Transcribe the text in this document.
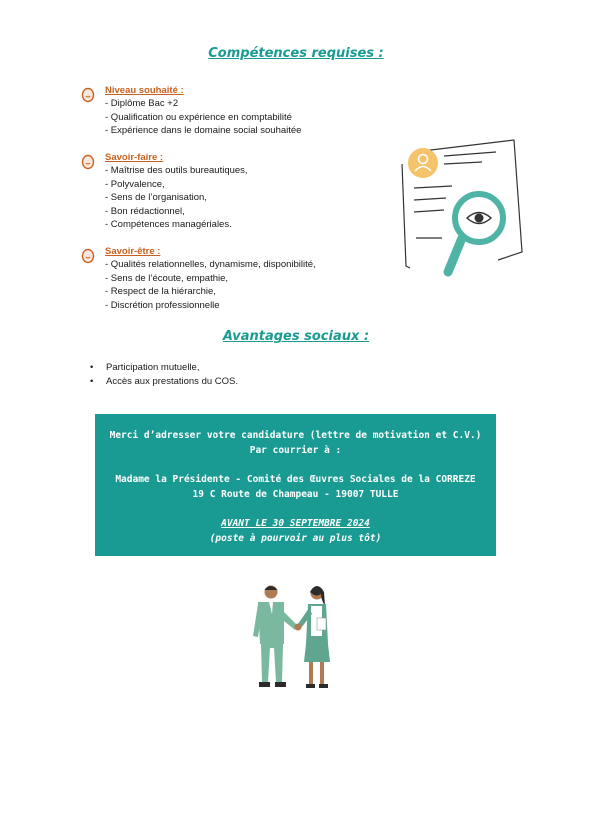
Compétences requises :
Niveau souhaité :
- Diplôme Bac +2
- Qualification ou expérience en comptabilité
- Expérience dans le domaine social souhaitée
Savoir-faire :
- Maîtrise des outils bureautiques,
- Polyvalence,
- Sens de l’organisation,
- Bon rédactionnel,
- Compétences managériales.
Savoir-être :
- Qualités relationnelles, dynamisme, disponibilité,
- Sens de l’écoute, empathie,
- Respect de la hiérarchie,
- Discrétion professionnelle
Avantages sociaux :
• Participation mutuelle,
• Accès aux prestations du COS.
Merci d’adresser votre candidature (lettre de motivation et C.V.)
Par courrier à :
Madame la Présidente - Comité des Œuvres Sociales de la CORREZE
19 C Route de Champeau - 19007 TULLE
AVANT LE 30 SEPTEMBRE 2024
(poste à pourvoir au plus tôt)
